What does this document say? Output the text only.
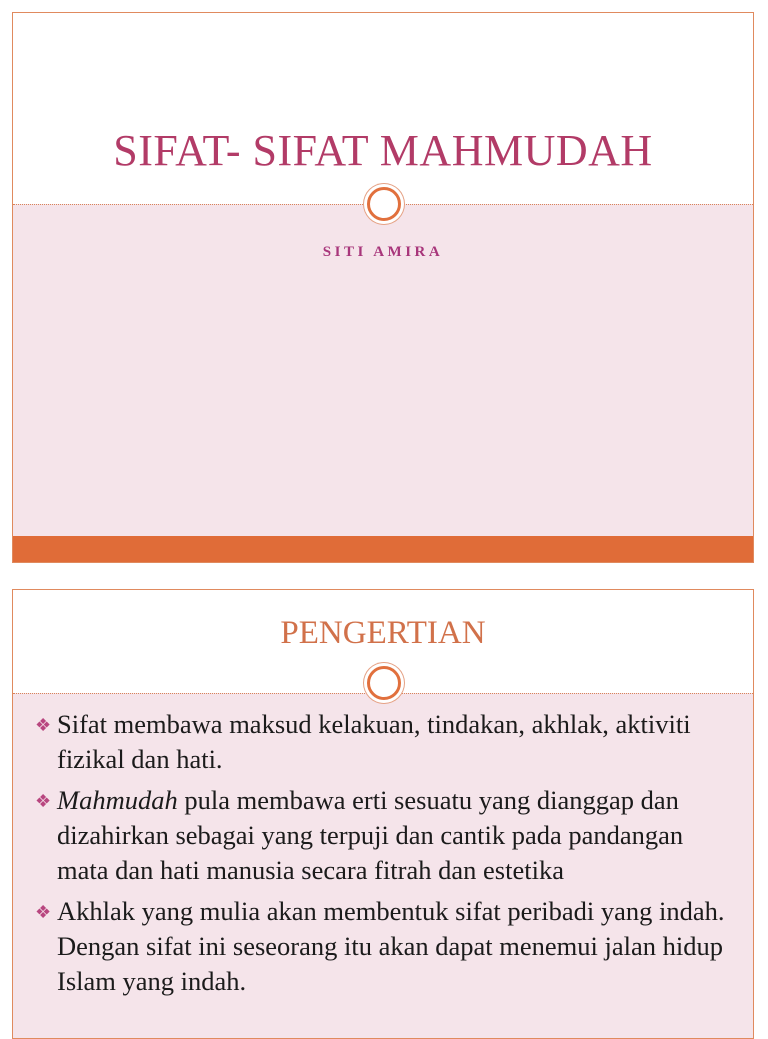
SIFAT- SIFAT MAHMUDAH
SITI AMIRA
PENGERTIAN
❖ Sifat membawa maksud kelakuan, tindakan, akhlak, aktiviti fizikal dan hati.
❖ Mahmudah pula membawa erti sesuatu yang dianggap dan dizahirkan sebagai yang terpuji dan cantik pada pandangan mata dan hati manusia secara fitrah dan estetika
❖ Akhlak yang mulia akan membentuk sifat peribadi yang indah. Dengan sifat ini seseorang itu akan dapat menemui jalan hidup Islam yang indah.
